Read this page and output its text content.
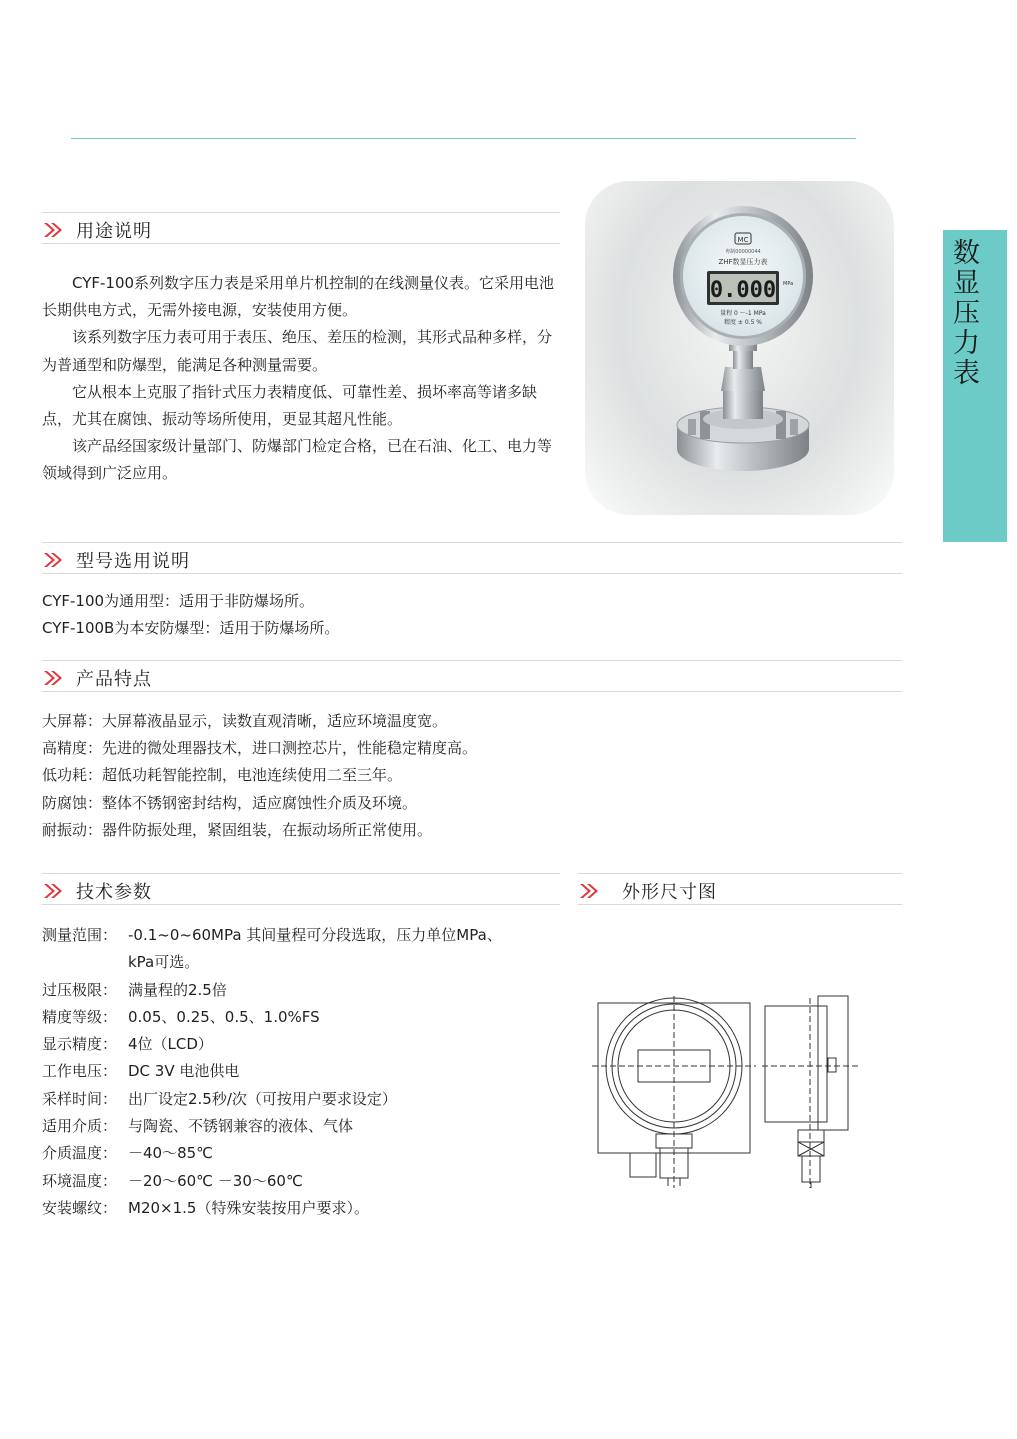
数显压力表
用途说明

CYF-100系列数字压力表是采用单片机控制的在线测量仪表。它采用电池长期供电方式，无需外接电源，安装使用方便。

该系列数字压力表可用于表压、绝压、差压的检测，其形式品种多样，分为普通型和防爆型，能满足各种测量需要。

它从根本上克服了指针式压力表精度低、可靠性差、损坏率高等诸多缺点，尤其在腐蚀、振动等场所使用，更显其超凡性能。

该产品经国家级计量部门、防爆部门检定合格，已在石油、化工、电力等领域得到广泛应用。

MC
粤制00000044
ZHF数显压力表
0.000 MPa
量程 0 ～-1 MPa
精度 ± 0.5 %
型号选用说明
CYF-100为通用型：适用于非防爆场所。
CYF-100B为本安防爆型：适用于防爆场所。
产品特点
大屏幕：大屏幕液晶显示，读数直观清晰，适应环境温度宽。
高精度：先进的微处理器技术，进口测控芯片，性能稳定精度高。
低功耗：超低功耗智能控制，电池连续使用二至三年。
防腐蚀：整体不锈钢密封结构，适应腐蚀性介质及环境。
耐振动：器件防振处理，紧固组装，在振动场所正常使用。
技术参数	外形尺寸图
测量范围： -0.1~0~60MPa 其间量程可分段选取，压力单位MPa、
kPa可选。
过压极限： 满量程的2.5倍
精度等级： 0.05、0.25、0.5、1.0%FS
显示精度： 4位（LCD）
工作电压： DC 3V 电池供电
采样时间： 出厂设定2.5秒/次（可按用户要求设定）
适用介质： 与陶瓷、不锈钢兼容的液体、气体
介质温度： －40～85℃
环境温度： －20～60℃ －30～60℃
安装螺纹： M20×1.5（特殊安装按用户要求）。
